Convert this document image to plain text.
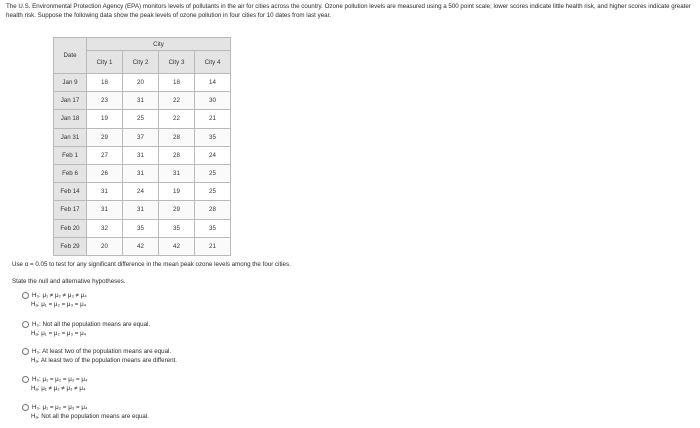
The U.S. Environmental Protection Agency (EPA) monitors levels of pollutants in the air for cities across the country. Ozone pollution levels are measured using a 500 point scale; lower scores indicate little health risk, and higher scores indicate greater health risk. Suppose the following data show the peak levels of ozone pollution in four cities for 10 dates from last year.
Date	City			
	City 1	City 2	City 3	City 4
Jan 9	18	20	18	14
Jan 17	23	31	22	30
Jan 18	19	25	22	21
Jan 31	29	37	28	35
Feb 1	27	31	28	24
Feb 6	26	31	31	25
Feb 14	31	24	19	25
Feb 17	31	31	29	28
Feb 20	32	35	35	35
Feb 29	20	42	42	21
Use α = 0.05 to test for any significant difference in the mean peak ozone levels among the four cities.
State the null and alternative hypotheses.
H₀: μ₁ ≠ μ₂ ≠ μ₃ ≠ μ₄
Hₐ: μ₁ = μ₂ = μ₃ = μ₄
H₀: Not all the population means are equal.
Hₐ: μ₁ = μ₂ = μ₃ = μ₄
H₀: At least two of the population means are equal.
Hₐ: At least two of the population means are different.
H₀: μ₁ = μ₂ = μ₃ = μ₄
Hₐ: μ₁ ≠ μ₂ ≠ μ₃ ≠ μ₄
H₀: μ₁ = μ₂ = μ₃ = μ₄
Hₐ: Not all the population means are equal.
